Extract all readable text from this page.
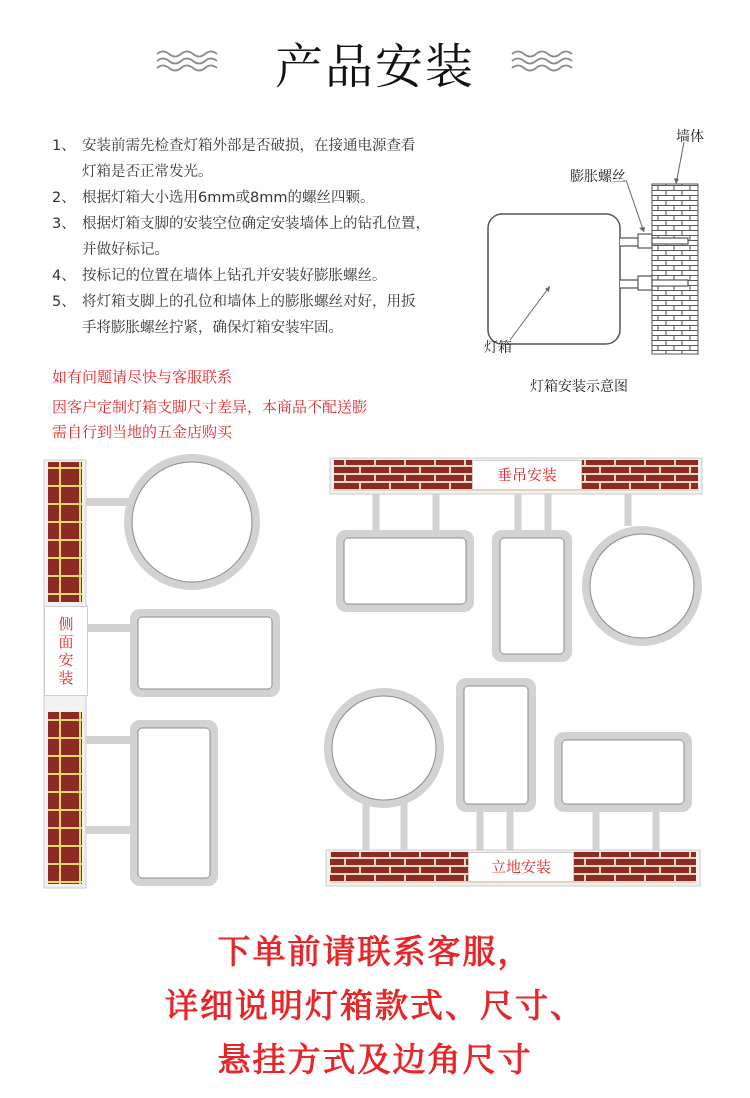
产品安装
1、 安装前需先检查灯箱外部是否破损，在接通电源查看
灯箱是否正常发光。
2、 根据灯箱大小选用6mm或8mm的螺丝四颗。
3、 根据灯箱支脚的安装空位确定安装墙体上的钻孔位置，
并做好标记。
4、 按标记的位置在墙体上钻孔并安装好膨胀螺丝。
5、 将灯箱支脚上的孔位和墙体上的膨胀螺丝对好，用扳
手将膨胀螺丝拧紧，确保灯箱安装牢固。
墙体
膨胀螺丝
灯箱
灯箱安装示意图
如有问题请尽快与客服联系
因客户定制灯箱支脚尺寸差异，本商品不配送膨
需自行到当地的五金店购买
侧面安装
垂吊安装
立地安装
下单前请联系客服，
详细说明灯箱款式、尺寸、
悬挂方式及边角尺寸
